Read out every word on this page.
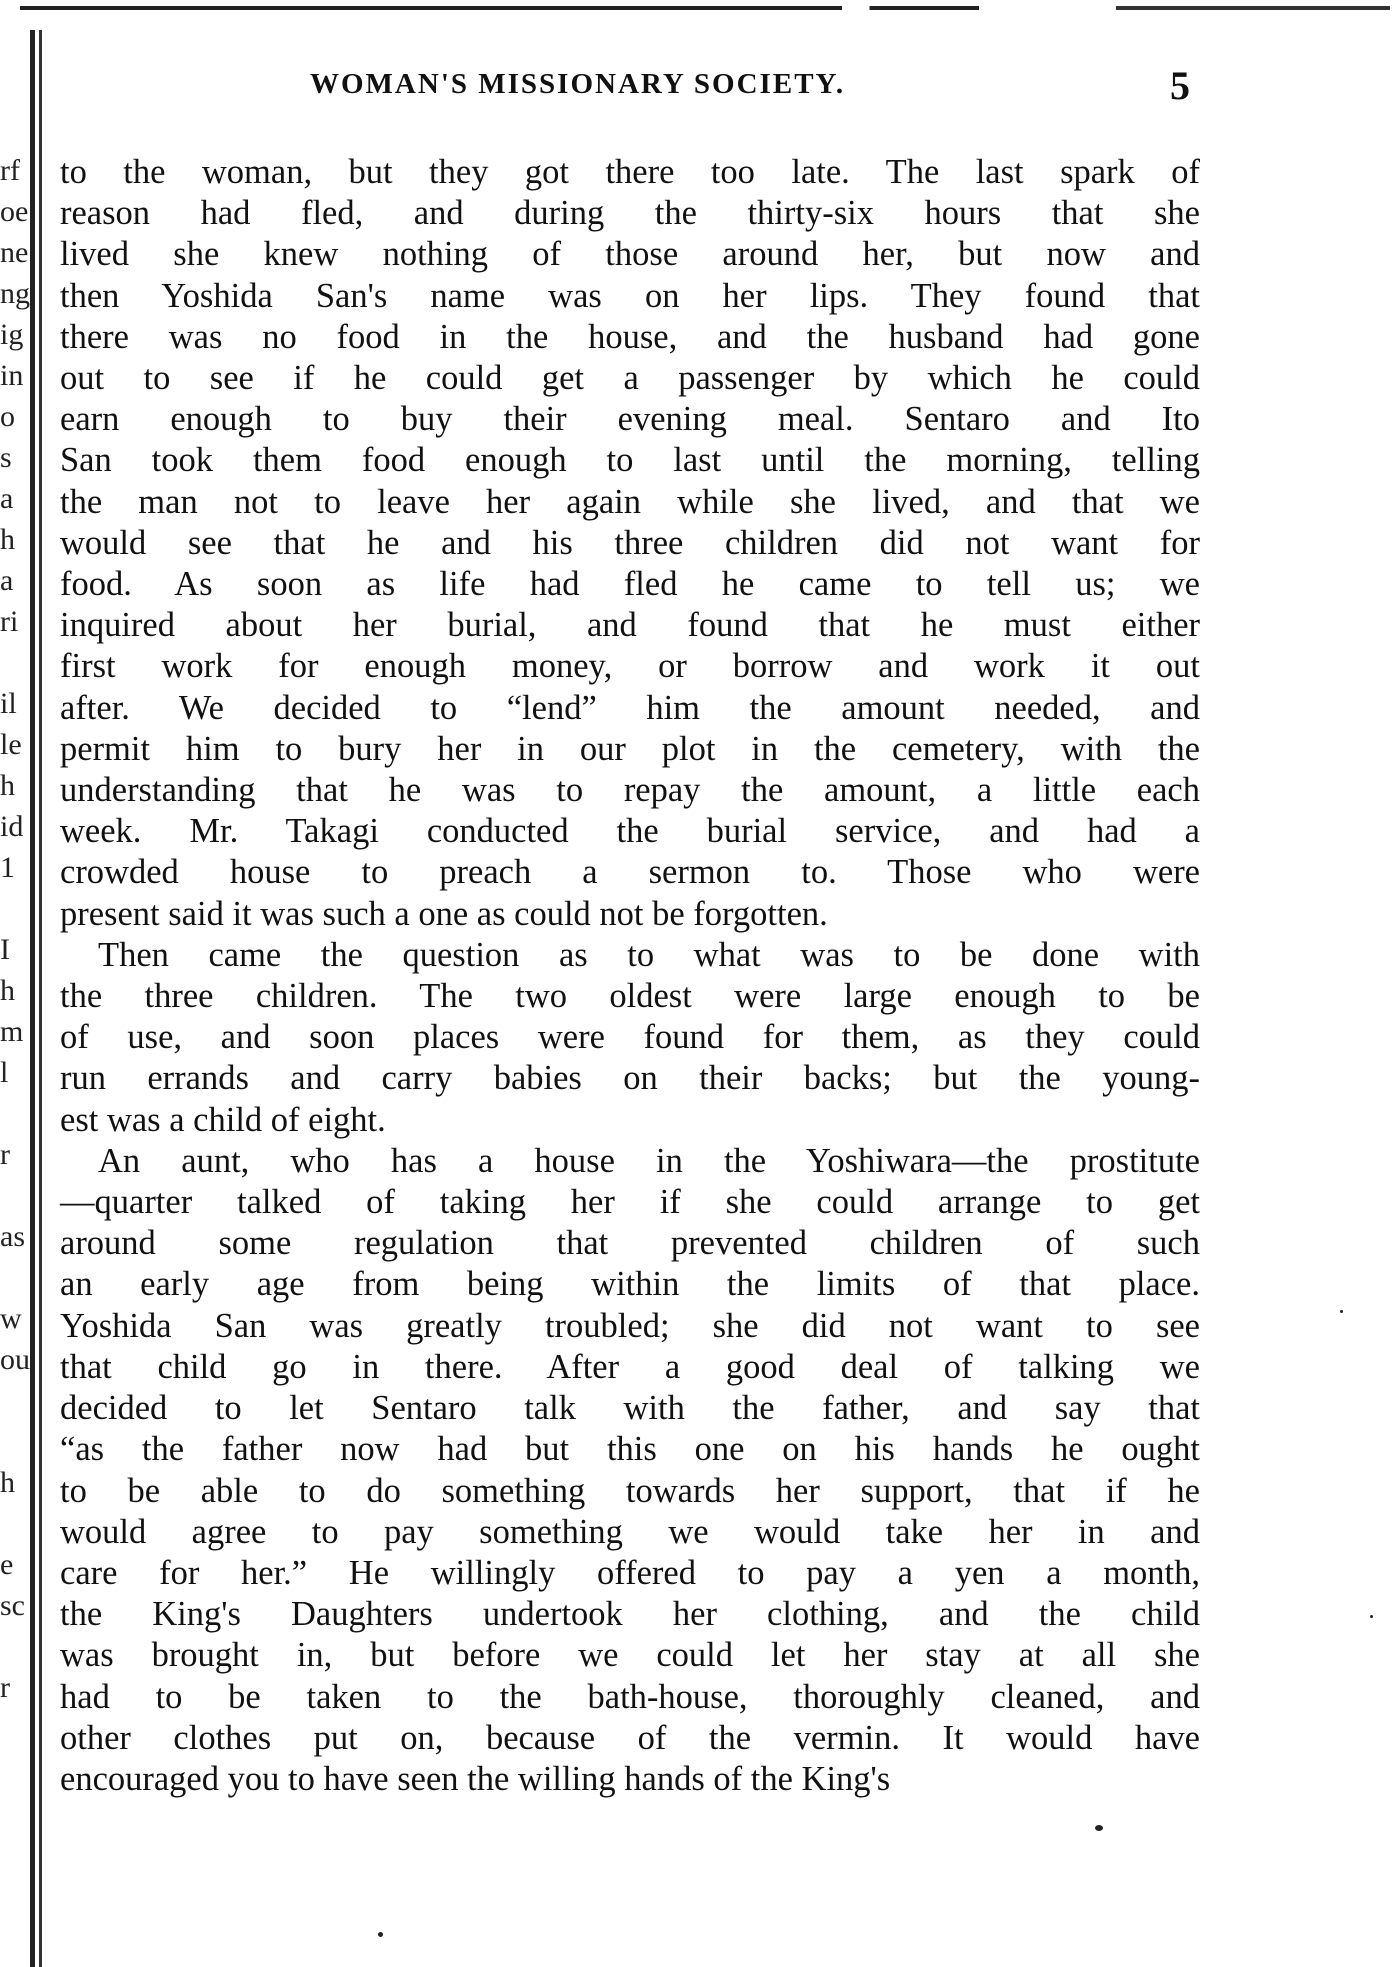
rf
oe
ne
ng
ig
in
o
s
a
h
a
ri

il
le
h
id
1

I
h
m
l

r

as

w
ou

h

e
sc

r
WOMAN'S MISSIONARY SOCIETY.	5

to the woman, but they got there too late. The last spark of
reason had fled, and during the thirty-six hours that she
lived she knew nothing of those around her, but now and
then Yoshida San's name was on her lips. They found that
there was no food in the house, and the husband had gone
out to see if he could get a passenger by which he could
earn enough to buy their evening meal. Sentaro and Ito
San took them food enough to last until the morning, telling
the man not to leave her again while she lived, and that we
would see that he and his three children did not want for
food. As soon as life had fled he came to tell us; we
inquired about her burial, and found that he must either
first work for enough money, or borrow and work it out
after. We decided to “lend” him the amount needed, and
permit him to bury her in our plot in the cemetery, with the
understanding that he was to repay the amount, a little each
week. Mr. Takagi conducted the burial service, and had a
crowded house to preach a sermon to. Those who were
present said it was such a one as could not be forgotten.

Then came the question as to what was to be done with
the three children. The two oldest were large enough to be
of use, and soon places were found for them, as they could
run errands and carry babies on their backs; but the young-
est was a child of eight.

An aunt, who has a house in the Yoshiwara—the prostitute
—quarter talked of taking her if she could arrange to get
around some regulation that prevented children of such
an early age from being within the limits of that place.
Yoshida San was greatly troubled; she did not want to see
that child go in there. After a good deal of talking we
decided to let Sentaro talk with the father, and say that
“as the father now had but this one on his hands he ought
to be able to do something towards her support, that if he
would agree to pay something we would take her in and
care for her.” He willingly offered to pay a yen a month,
the King's Daughters undertook her clothing, and the child
was brought in, but before we could let her stay at all she
had to be taken to the bath-house, thoroughly cleaned, and
other clothes put on, because of the vermin. It would have
encouraged you to have seen the willing hands of the King's
